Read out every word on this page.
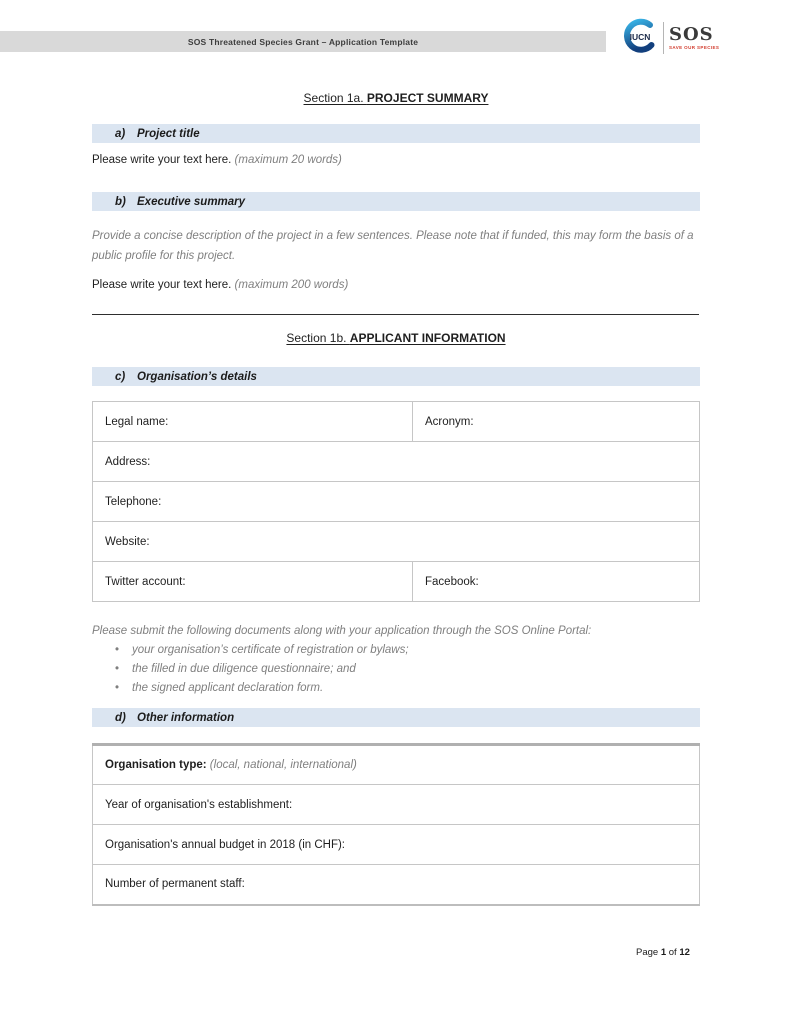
SOS Threatened Species Grant – Application Template	IUCN SOS
SAVE OUR SPECIES
Section 1a. PROJECT SUMMARY
a)	Project title
Please write your text here. (maximum 20 words)
b) Executive summary
Provide a concise description of the project in a few sentences. Please note that if funded, this may form the basis of a public profile for this project.
Please write your text here. (maximum 200 words)
Section 1b. APPLICANT INFORMATION
c)	Organisation’s details
Legal name:	Acronym:
Address:	
Telephone:	
Website:	
Twitter account:	Facebook:
Please submit the following documents along with your application through the SOS Online Portal:
• your organisation’s certificate of registration or bylaws;
• the filled in due diligence questionnaire; and
• the signed applicant declaration form.
d) Other information
Organisation type: (local, national, international)
Year of organisation's establishment:
Organisation's annual budget in 2018 (in CHF):
Number of permanent staff:
Page 1 of 12
